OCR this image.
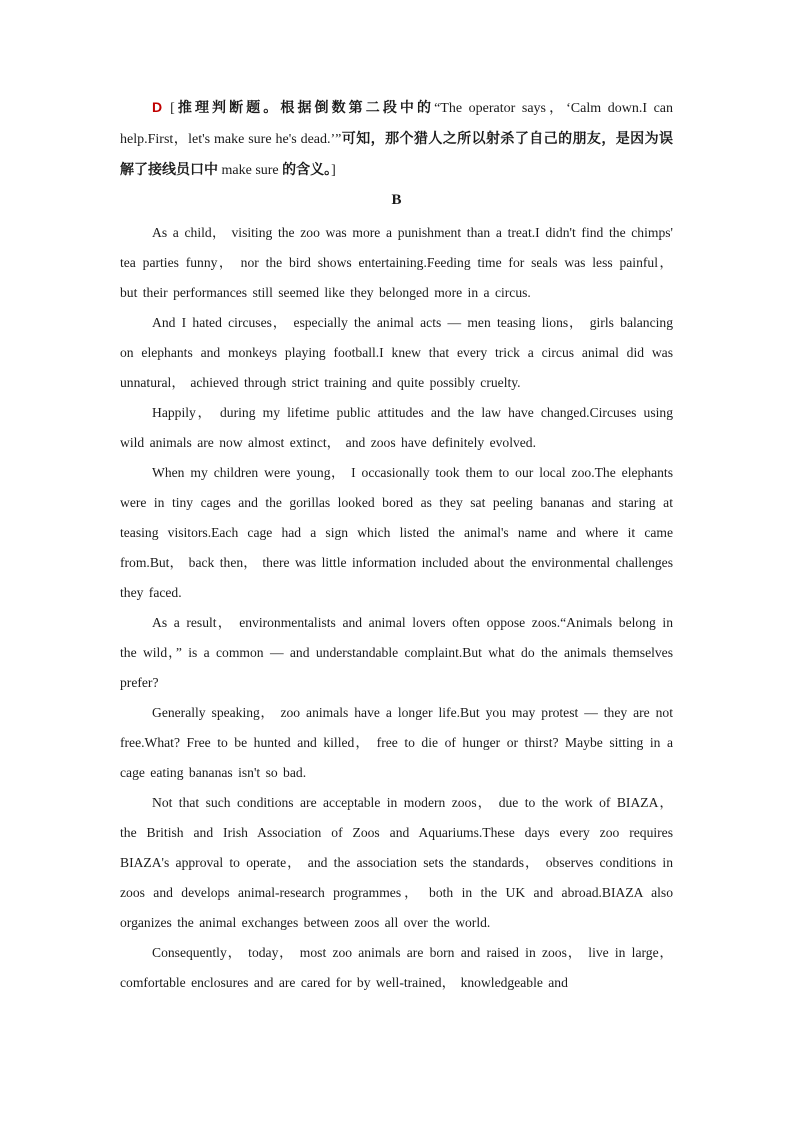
D [推理判断题。根据倒数第二段中的“The operator says，‘Calm down.I can help.First，let's make sure he's dead.’”可知，那个猎人之所以射杀了自己的朋友，是因为误解了接线员口中 make sure 的含义。]

B

As a child， visiting the zoo was more a punishment than a treat.I didn't find the chimps' tea parties funny， nor the bird shows entertaining.Feeding time for seals was less painful， but their performances still seemed like they belonged more in a circus.

And I hated circuses， especially the animal acts — men teasing lions， girls balancing on elephants and monkeys playing football.I knew that every trick a circus animal did was unnatural， achieved through strict training and quite possibly cruelty.

Happily， during my lifetime public attitudes and the law have changed.Circuses using wild animals are now almost extinct， and zoos have definitely evolved.

When my children were young， I occasionally took them to our local zoo.The elephants were in tiny cages and the gorillas looked bored as they sat peeling bananas and staring at teasing visitors.Each cage had a sign which listed the animal's name and where it came from.But， back then， there was little information included about the environmental challenges they faced.

As a result， environmentalists and animal lovers often oppose zoos.“Animals belong in the wild，” is a common — and understandable complaint.But what do the animals themselves prefer?

Generally speaking， zoo animals have a longer life.But you may protest — they are not free.What? Free to be hunted and killed， free to die of hunger or thirst? Maybe sitting in a cage eating bananas isn't so bad.

Not that such conditions are acceptable in modern zoos， due to the work of BIAZA， the British and Irish Association of Zoos and Aquariums.These days every zoo requires BIAZA's approval to operate， and the association sets the standards， observes conditions in zoos and develops animal-research programmes， both in the UK and abroad.BIAZA also organizes the animal exchanges between zoos all over the world.

Consequently， today， most zoo animals are born and raised in zoos， live in large， comfortable enclosures and are cared for by well-trained， knowledgeable and
